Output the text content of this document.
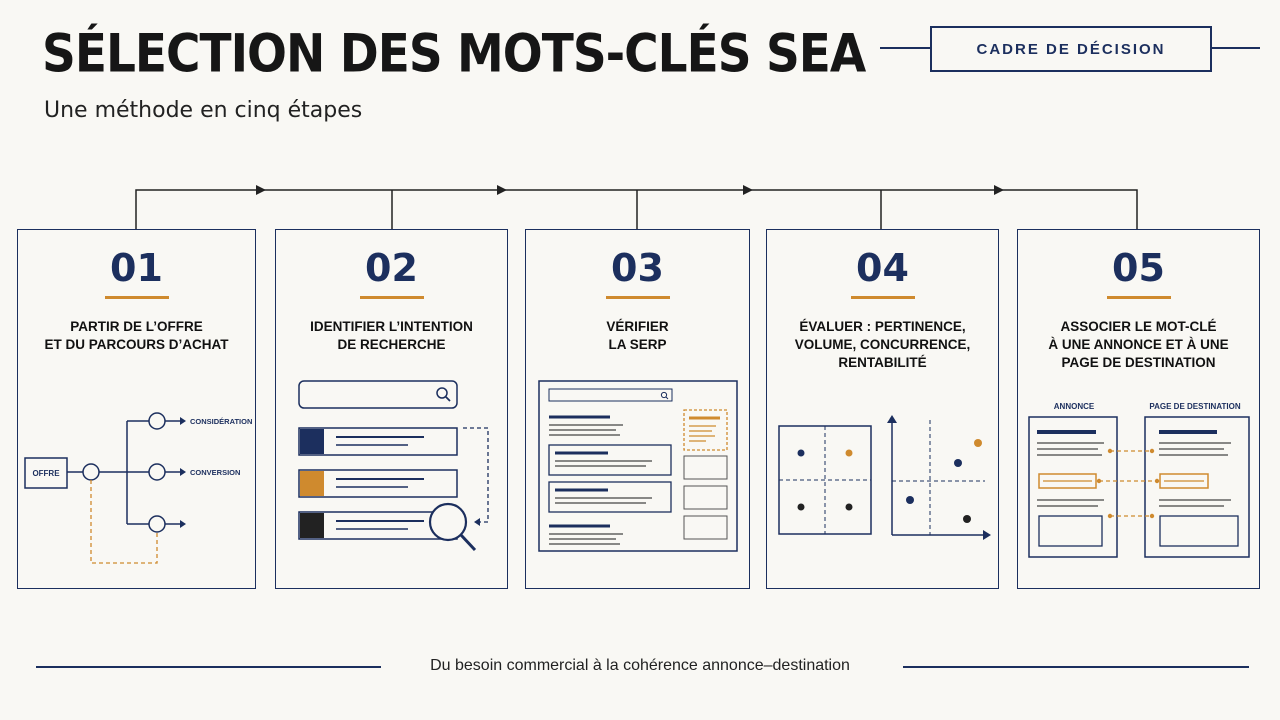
SÉLECTION DES MOTS-CLÉS SEA
Une méthode en cinq étapes
CADRE DE DÉCISION
01
PARTIR DE L’OFFRE
ET DU PARCOURS D’ACHAT
OFFRE
CONSIDÉRATION
CONVERSION
02
IDENTIFIER L’INTENTION
DE RECHERCHE
03
VÉRIFIER
LA SERP
04
ÉVALUER : PERTINENCE,
VOLUME, CONCURRENCE,
RENTABILITÉ
05
ASSOCIER LE MOT-CLÉ
À UNE ANNONCE ET À UNE
PAGE DE DESTINATION
ANNONCE	PAGE DE DESTINATION
Du besoin commercial à la cohérence annonce–destination
